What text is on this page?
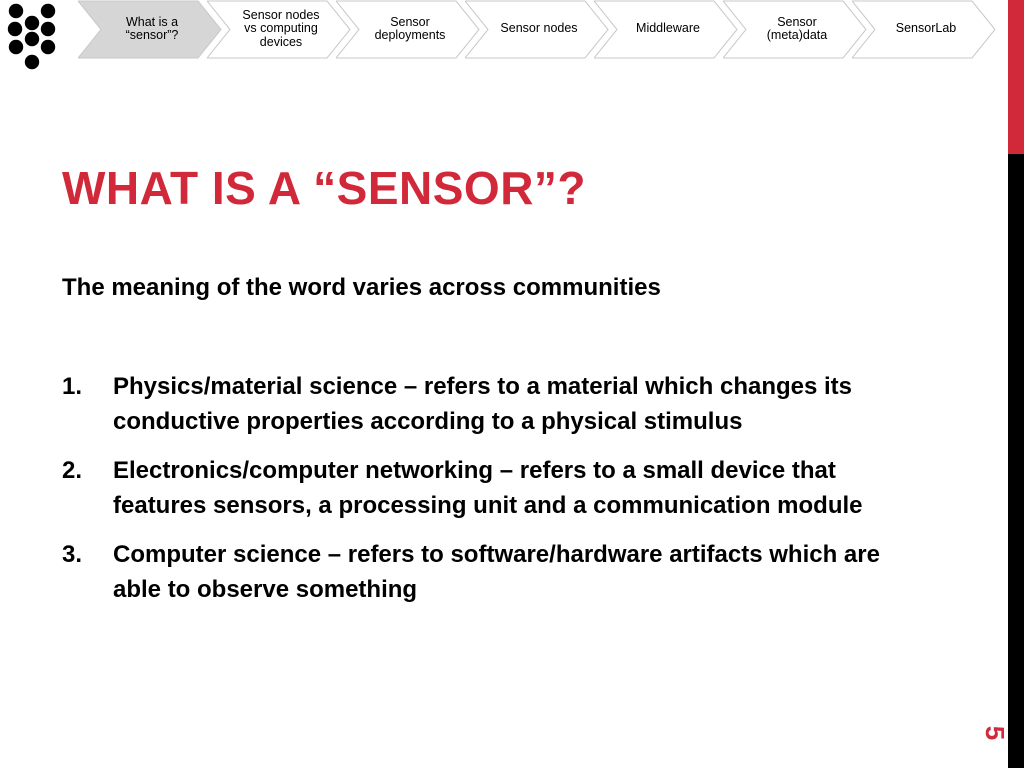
What is a
“sensor”?
Sensor nodes
vs computing
devices
Sensor
deployments	Sensor nodes	Middleware	Sensor
(meta)data	SensorLab
5
WHAT IS A “SENSOR”?

The meaning of the word varies across communities

1. Physics/material science – refers to a material which changes its conductive properties according to a physical stimulus
2. Electronics/computer networking – refers to a small device that features sensors, a processing unit and a communication module
3. Computer science – refers to software/hardware artifacts which are able to observe something
